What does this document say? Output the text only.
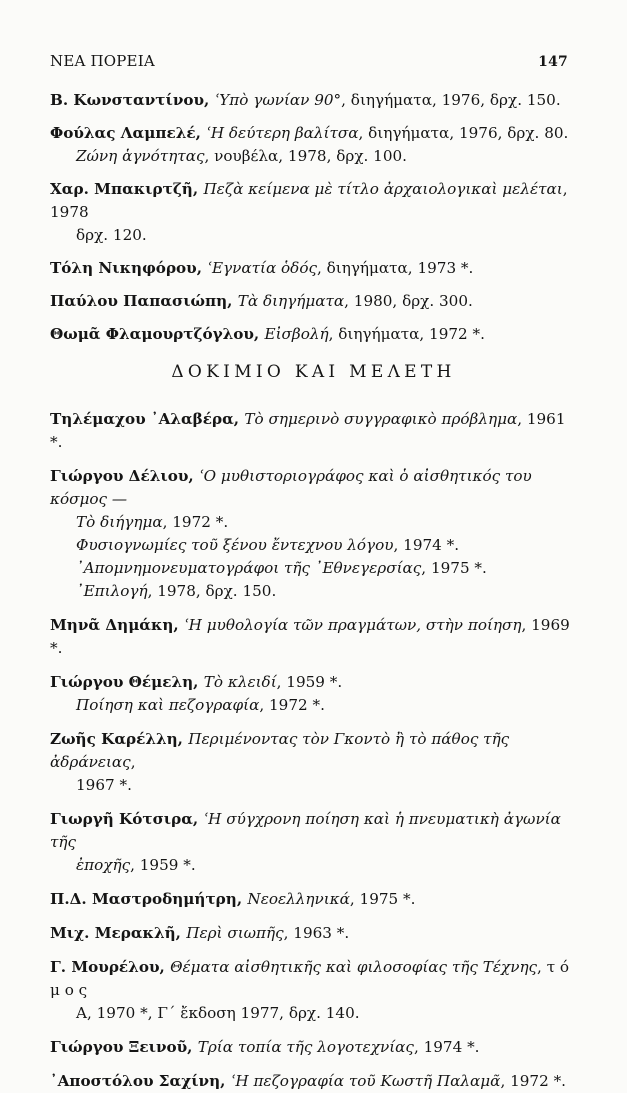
ΝΕΑ ΠΟΡΕΙΑ	147
Β. Κωνσταντίνου, ʿΥπὸ γωνίαν 90°, διηγήματα, 1976, δρχ. 150.
Φούλας Λαμπελέ, ʿΗ δεύτερη βαλίτσα, διηγήματα, 1976, δρχ. 80.
Ζώνη ἁγνότητας, νουβέλα, 1978, δρχ. 100.
Χαρ. Μπακιρτζῆ, Πεζὰ κείμενα μὲ τίτλο ἀρχαιολογικαὶ μελέται, 1978
δρχ. 120.
Τόλη Νικηφόρου, ʿΕγνατία ὁδός, διηγήματα, 1973 *.
Παύλου Παπασιώπη, Τὰ διηγήματα, 1980, δρχ. 300.
Θωμᾶ Φλαμουρτζόγλου, Εἰσβολή, διηγήματα, 1972 *.
ΔΟΚΙΜΙΟ ΚΑΙ ΜΕΛΕΤΗ
Τηλέμαχου ᾿Αλαβέρα, Τὸ σημερινὸ συγγραφικὸ πρόβλημα, 1961 *.
Γιώργου Δέλιου, ʿΟ μυθιστοριογράφος καὶ ὁ αἰσθητικός του κόσμος —
Τὸ διήγημα, 1972 *.
Φυσιογνωμίες τοῦ ξένου ἔντεχνου λόγου, 1974 *.
᾿Απομνημονευματογράφοι τῆς ᾿Εθνεγερσίας, 1975 *.
᾿Επιλογή, 1978, δρχ. 150.
Μηνᾶ Δημάκη, ʿΗ μυθολογία τῶν πραγμάτων, στὴν ποίηση, 1969 *.
Γιώργου Θέμελη, Τὸ κλειδί, 1959 *.
Ποίηση καὶ πεζογραφία, 1972 *.
Ζωῆς Καρέλλη, Περιμένοντας τὸν Γκοντὸ ἢ τὸ πάθος τῆς ἀδράνειας,
1967 *.
Γιωργῆ Κότσιρα, ʿΗ σύγχρονη ποίηση καὶ ἡ πνευματικὴ ἀγωνία τῆς
ἐποχῆς, 1959 *.
Π.Δ. Μαστροδημήτρη, Νεοελληνικά, 1975 *.
Μιχ. Μερακλῆ, Περὶ σιωπῆς, 1963 *.
Γ. Μουρέλου, Θέματα αἰσθητικῆς καὶ φιλοσοφίας τῆς Τέχνης, τ ό μ ο ς
Α, 1970 *, Γ΄ ἔκδοση 1977, δρχ. 140.
Γιώργου Ξεινοῦ, Τρία τοπία τῆς λογοτεχνίας, 1974 *.
᾿Αποστόλου Σαχίνη, ʿΗ πεζογραφία τοῦ Κωστῆ Παλαμᾶ, 1972 *.
